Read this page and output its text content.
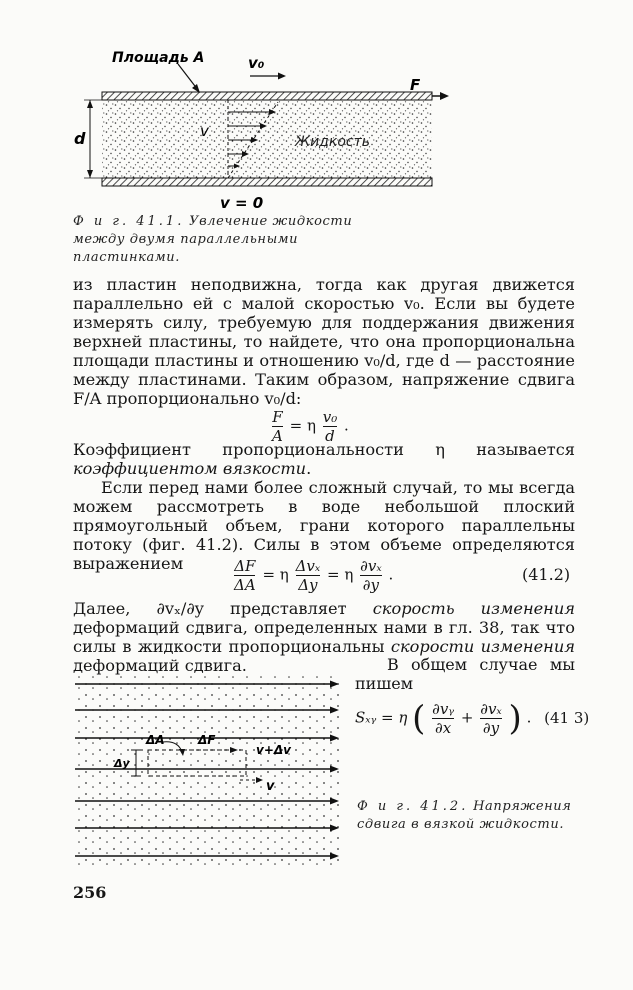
Площадь A	v₀
F
d	v
Жидкость
v = 0
Ф и г. 41.1. Увлечение жидкости между двумя параллельными пластинками.
из пластин неподвижна, тогда как другая движется параллельно ей с малой скоростью v₀. Если вы будете измерять силу, требуемую для поддержания движения верхней пластины, то найдете, что она пропорциональна площади пластины и отношению v₀/d, где d — расстояние между пластинами. Таким образом, напряжение сдвига F/A пропорционально v₀/d:
$\frac{F}{A} = \eta \frac{\text{v₀}}{d}$ .
Коэффициент пропорциональности η называется коэффициентом вязкости.
Если перед нами более сложный случай, то мы всегда можем рассмотреть в воде небольшой плоский прямоугольный объем, грани которого параллельны потоку (фиг. 41.2). Силы в этом объеме определяются выражением	$\frac{\Delta F}{\Delta A} = \eta \frac{\text{Δvₓ}}{\Delta y} = \eta \frac{\text{∂vₓ}}{\partial y}$ .	(41.2)
Далее, ∂vₓ/∂y представляет скорость изменения деформаций сдвига, определенных нами в гл. 38, так что силы в жидкости пропорциональны скорости изменения деформаций сдвига.	В общем случае мы пишем
Sₓᵧ = η ( $\frac{\text{∂vᵧ}}{\partial x} + \frac{\text{∂vₓ}}{\partial y}$ ) . (41 3)
ΔA	ΔF
v+Δv
Δy
v
Ф и г. 41.2. Напряжения сдвига в вязкой жидкости.
256
